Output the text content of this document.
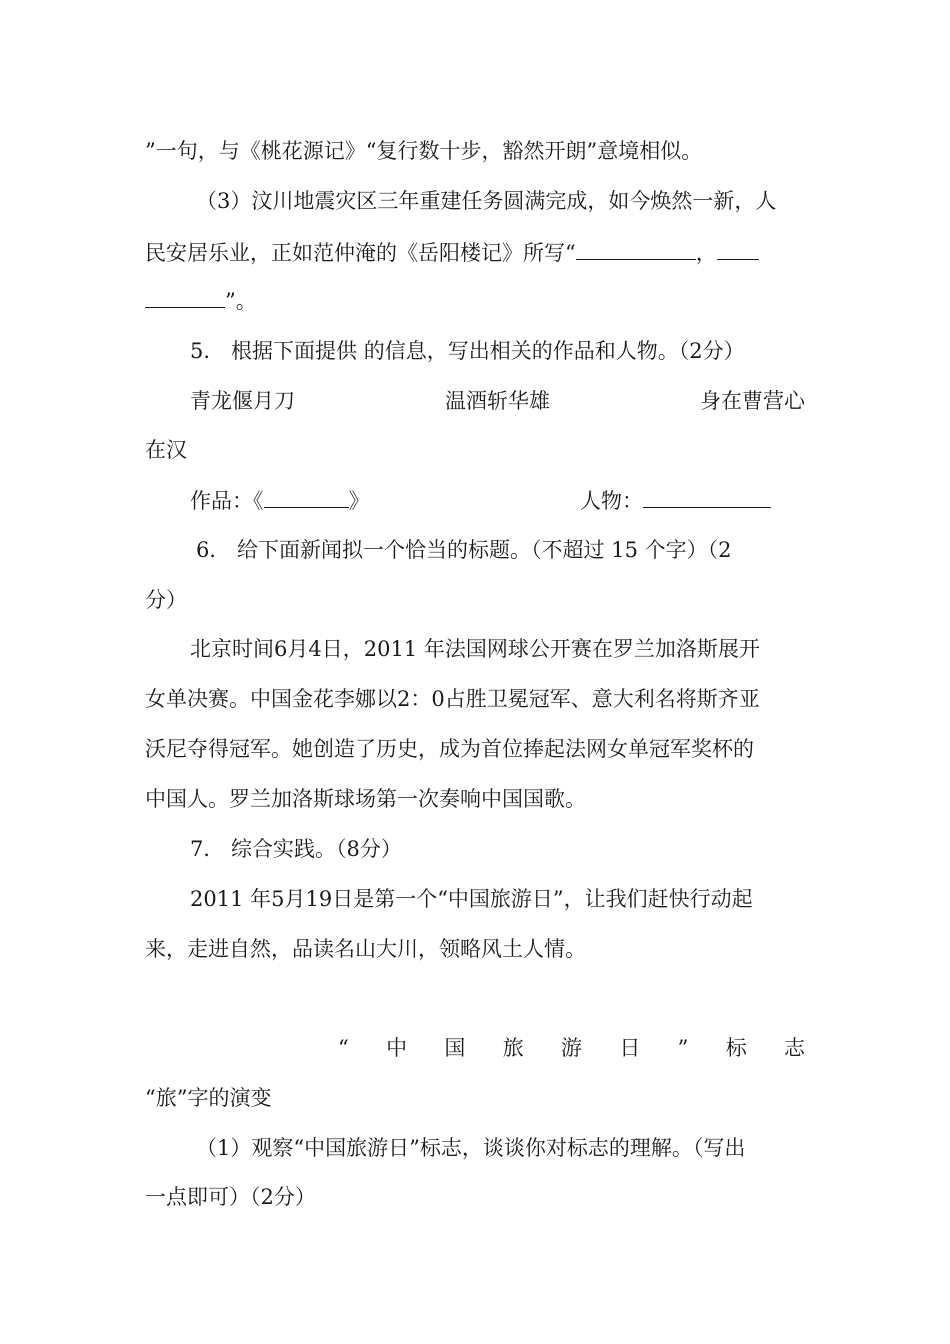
”一句，与《桃花源记》“复行数十步，豁然开朗”意境相似。
（3）汶川地震灾区三年重建任务圆满完成，如今焕然一新，人
民安居乐业，正如范仲淹的《岳阳楼记》所写“	，
”。
5． 根据下面提供 的信息，写出相关的作品和人物。（2分）
青龙偃月刀	温酒斩华雄	身在曹营心
在汉
作品：《	》	人物：
6． 给下面新闻拟一个恰当的标题。（不超过 15 个字）（2
分）
北京时间6月4日，2011 年法国网球公开赛在罗兰加洛斯展开
女单决赛。中国金花李娜以2：0占胜卫冕冠军、意大利名将斯齐亚
沃尼夺得冠军。她创造了历史，成为首位捧起法网女单冠军奖杯的
中国人。罗兰加洛斯球场第一次奏响中国国歌。
7． 综合实践。（8分）
2011 年5月19日是第一个“中国旅游日”，让我们赶快行动起
来，走进自然，品读名山大川，领略风土人情。
“ 中 国 旅 游 日 ” 标 志
“旅”字的演变
（1）观察“中国旅游日”标志，谈谈你对标志的理解。（写出
一点即可）（2分）
